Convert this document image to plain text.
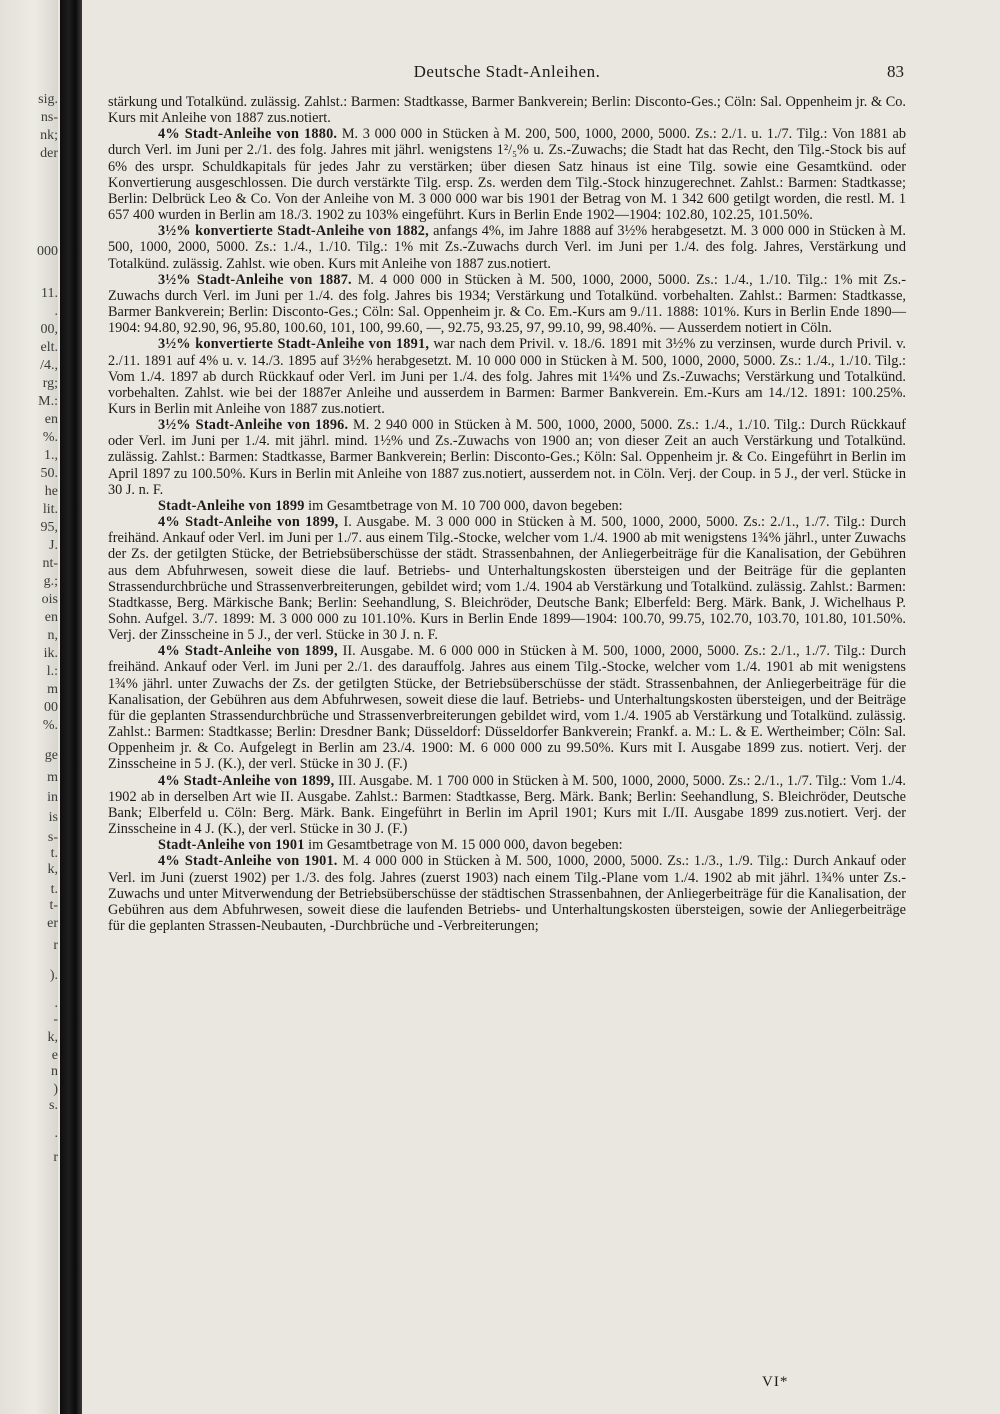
sig.
ns-
nk;
der
000
11.
.
00,
elt.
/4.,
rg;
M.:
en
%.
1.,
50.
he
lit.
95,
J.
nt-
g.;
ois
en
n,
ik.
l.:
m
00
%.
ge
m
in
is
s-
t.
k,
t.
t-
er
r
).
.
-
k,
e
n
)
s.
.
r
Deutsche Stadt-Anleihen.	83

stärkung und Totalkünd. zulässig. Zahlst.: Barmen: Stadtkasse, Barmer Bankverein; Berlin: Disconto-Ges.; Cöln: Sal. Oppenheim jr. & Co. Kurs mit Anleihe von 1887 zus.notiert.

4% Stadt-Anleihe von 1880. M. 3 000 000 in Stücken à M. 200, 500, 1000, 2000, 5000. Zs.: 2./1. u. 1./7. Tilg.: Von 1881 ab durch Verl. im Juni per 2./1. des folg. Jahres mit jährl. wenigstens 1²/₅% u. Zs.-Zuwachs; die Stadt hat das Recht, den Tilg.-Stock bis auf 6% des urspr. Schuldkapitals für jedes Jahr zu verstärken; über diesen Satz hinaus ist eine Tilg. sowie eine Gesamtkünd. oder Konvertierung ausgeschlossen. Die durch verstärkte Tilg. ersp. Zs. werden dem Tilg.-Stock hinzugerechnet. Zahlst.: Barmen: Stadtkasse; Berlin: Delbrück Leo & Co. Von der Anleihe von M. 3 000 000 war bis 1901 der Betrag von M. 1 342 600 getilgt worden, die restl. M. 1 657 400 wurden in Berlin am 18./3. 1902 zu 103% eingeführt. Kurs in Berlin Ende 1902—1904: 102.80, 102.25, 101.50%.

3½% konvertierte Stadt-Anleihe von 1882, anfangs 4%, im Jahre 1888 auf 3½% herabgesetzt. M. 3 000 000 in Stücken à M. 500, 1000, 2000, 5000. Zs.: 1./4., 1./10. Tilg.: 1% mit Zs.-Zuwachs durch Verl. im Juni per 1./4. des folg. Jahres, Verstärkung und Totalkünd. zulässig. Zahlst. wie oben. Kurs mit Anleihe von 1887 zus.notiert.

3½% Stadt-Anleihe von 1887. M. 4 000 000 in Stücken à M. 500, 1000, 2000, 5000. Zs.: 1./4., 1./10. Tilg.: 1% mit Zs.-Zuwachs durch Verl. im Juni per 1./4. des folg. Jahres bis 1934; Verstärkung und Totalkünd. vorbehalten. Zahlst.: Barmen: Stadtkasse, Barmer Bankverein; Berlin: Disconto-Ges.; Cöln: Sal. Oppenheim jr. & Co. Em.-Kurs am 9./11. 1888: 101%. Kurs in Berlin Ende 1890—1904: 94.80, 92.90, 96, 95.80, 100.60, 101, 100, 99.60, —, 92.75, 93.25, 97, 99.10, 99, 98.40%. — Ausserdem notiert in Cöln.

3½% konvertierte Stadt-Anleihe von 1891, war nach dem Privil. v. 18./6. 1891 mit 3½% zu verzinsen, wurde durch Privil. v. 2./11. 1891 auf 4% u. v. 14./3. 1895 auf 3½% herabgesetzt. M. 10 000 000 in Stücken à M. 500, 1000, 2000, 5000. Zs.: 1./4., 1./10. Tilg.: Vom 1./4. 1897 ab durch Rückkauf oder Verl. im Juni per 1./4. des folg. Jahres mit 1¼% und Zs.-Zuwachs; Verstärkung und Totalkünd. vorbehalten. Zahlst. wie bei der 1887er Anleihe und ausserdem in Barmen: Barmer Bankverein. Em.-Kurs am 14./12. 1891: 100.25%. Kurs in Berlin mit Anleihe von 1887 zus.notiert.

3½% Stadt-Anleihe von 1896. M. 2 940 000 in Stücken à M. 500, 1000, 2000, 5000. Zs.: 1./4., 1./10. Tilg.: Durch Rückkauf oder Verl. im Juni per 1./4. mit jährl. mind. 1½% und Zs.-Zuwachs von 1900 an; von dieser Zeit an auch Verstärkung und Totalkünd. zulässig. Zahlst.: Barmen: Stadtkasse, Barmer Bankverein; Berlin: Disconto-Ges.; Köln: Sal. Oppenheim jr. & Co. Eingeführt in Berlin im April 1897 zu 100.50%. Kurs in Berlin mit Anleihe von 1887 zus.notiert, ausserdem not. in Cöln. Verj. der Coup. in 5 J., der verl. Stücke in 30 J. n. F.

Stadt-Anleihe von 1899 im Gesamtbetrage von M. 10 700 000, davon begeben:

4% Stadt-Anleihe von 1899, I. Ausgabe. M. 3 000 000 in Stücken à M. 500, 1000, 2000, 5000. Zs.: 2./1., 1./7. Tilg.: Durch freihänd. Ankauf oder Verl. im Juni per 1./7. aus einem Tilg.-Stocke, welcher vom 1./4. 1900 ab mit wenigstens 1¾% jährl., unter Zuwachs der Zs. der getilgten Stücke, der Betriebsüberschüsse der städt. Strassenbahnen, der Anliegerbeiträge für die Kanalisation, der Gebühren aus dem Abfuhrwesen, soweit diese die lauf. Betriebs- und Unterhaltungskosten übersteigen und der Beiträge für die geplanten Strassendurchbrüche und Strassenverbreiterungen, gebildet wird; vom 1./4. 1904 ab Verstärkung und Totalkünd. zulässig. Zahlst.: Barmen: Stadtkasse, Berg. Märkische Bank; Berlin: Seehandlung, S. Bleichröder, Deutsche Bank; Elberfeld: Berg. Märk. Bank, J. Wichelhaus P. Sohn. Aufgel. 3./7. 1899: M. 3 000 000 zu 101.10%. Kurs in Berlin Ende 1899—1904: 100.70, 99.75, 102.70, 103.70, 101.80, 101.50%. Verj. der Zinsscheine in 5 J., der verl. Stücke in 30 J. n. F.

4% Stadt-Anleihe von 1899, II. Ausgabe. M. 6 000 000 in Stücken à M. 500, 1000, 2000, 5000. Zs.: 2./1., 1./7. Tilg.: Durch freihänd. Ankauf oder Verl. im Juni per 2./1. des darauffolg. Jahres aus einem Tilg.-Stocke, welcher vom 1./4. 1901 ab mit wenigstens 1¾% jährl. unter Zuwachs der Zs. der getilgten Stücke, der Betriebsüberschüsse der städt. Strassenbahnen, der Anliegerbeiträge für die Kanalisation, der Gebühren aus dem Abfuhrwesen, soweit diese die lauf. Betriebs- und Unterhaltungskosten übersteigen, und der Beiträge für die geplanten Strassendurchbrüche und Strassenverbreiterungen gebildet wird, vom 1./4. 1905 ab Verstärkung und Totalkünd. zulässig. Zahlst.: Barmen: Stadtkasse; Berlin: Dresdner Bank; Düsseldorf: Düsseldorfer Bankverein; Frankf. a. M.: L. & E. Wertheimber; Cöln: Sal. Oppenheim jr. & Co. Aufgelegt in Berlin am 23./4. 1900: M. 6 000 000 zu 99.50%. Kurs mit I. Ausgabe 1899 zus. notiert. Verj. der Zinsscheine in 5 J. (K.), der verl. Stücke in 30 J. (F.)

4% Stadt-Anleihe von 1899, III. Ausgabe. M. 1 700 000 in Stücken à M. 500, 1000, 2000, 5000. Zs.: 2./1., 1./7. Tilg.: Vom 1./4. 1902 ab in derselben Art wie II. Ausgabe. Zahlst.: Barmen: Stadtkasse, Berg. Märk. Bank; Berlin: Seehandlung, S. Bleichröder, Deutsche Bank; Elberfeld u. Cöln: Berg. Märk. Bank. Eingeführt in Berlin im April 1901; Kurs mit I./II. Ausgabe 1899 zus.notiert. Verj. der Zinsscheine in 4 J. (K.), der verl. Stücke in 30 J. (F.)

Stadt-Anleihe von 1901 im Gesamtbetrage von M. 15 000 000, davon begeben:

4% Stadt-Anleihe von 1901. M. 4 000 000 in Stücken à M. 500, 1000, 2000, 5000. Zs.: 1./3., 1./9. Tilg.: Durch Ankauf oder Verl. im Juni (zuerst 1902) per 1./3. des folg. Jahres (zuerst 1903) nach einem Tilg.-Plane vom 1./4. 1902 ab mit jährl. 1¾% unter Zs.-Zuwachs und unter Mitverwendung der Betriebsüberschüsse der städtischen Strassenbahnen, der Anliegerbeiträge für die Kanalisation, der Gebühren aus dem Abfuhrwesen, soweit diese die laufenden Betriebs- und Unterhaltungskosten übersteigen, sowie der Anliegerbeiträge für die geplanten Strassen-Neubauten, -Durchbrüche und -Verbreiterungen;

VI*
